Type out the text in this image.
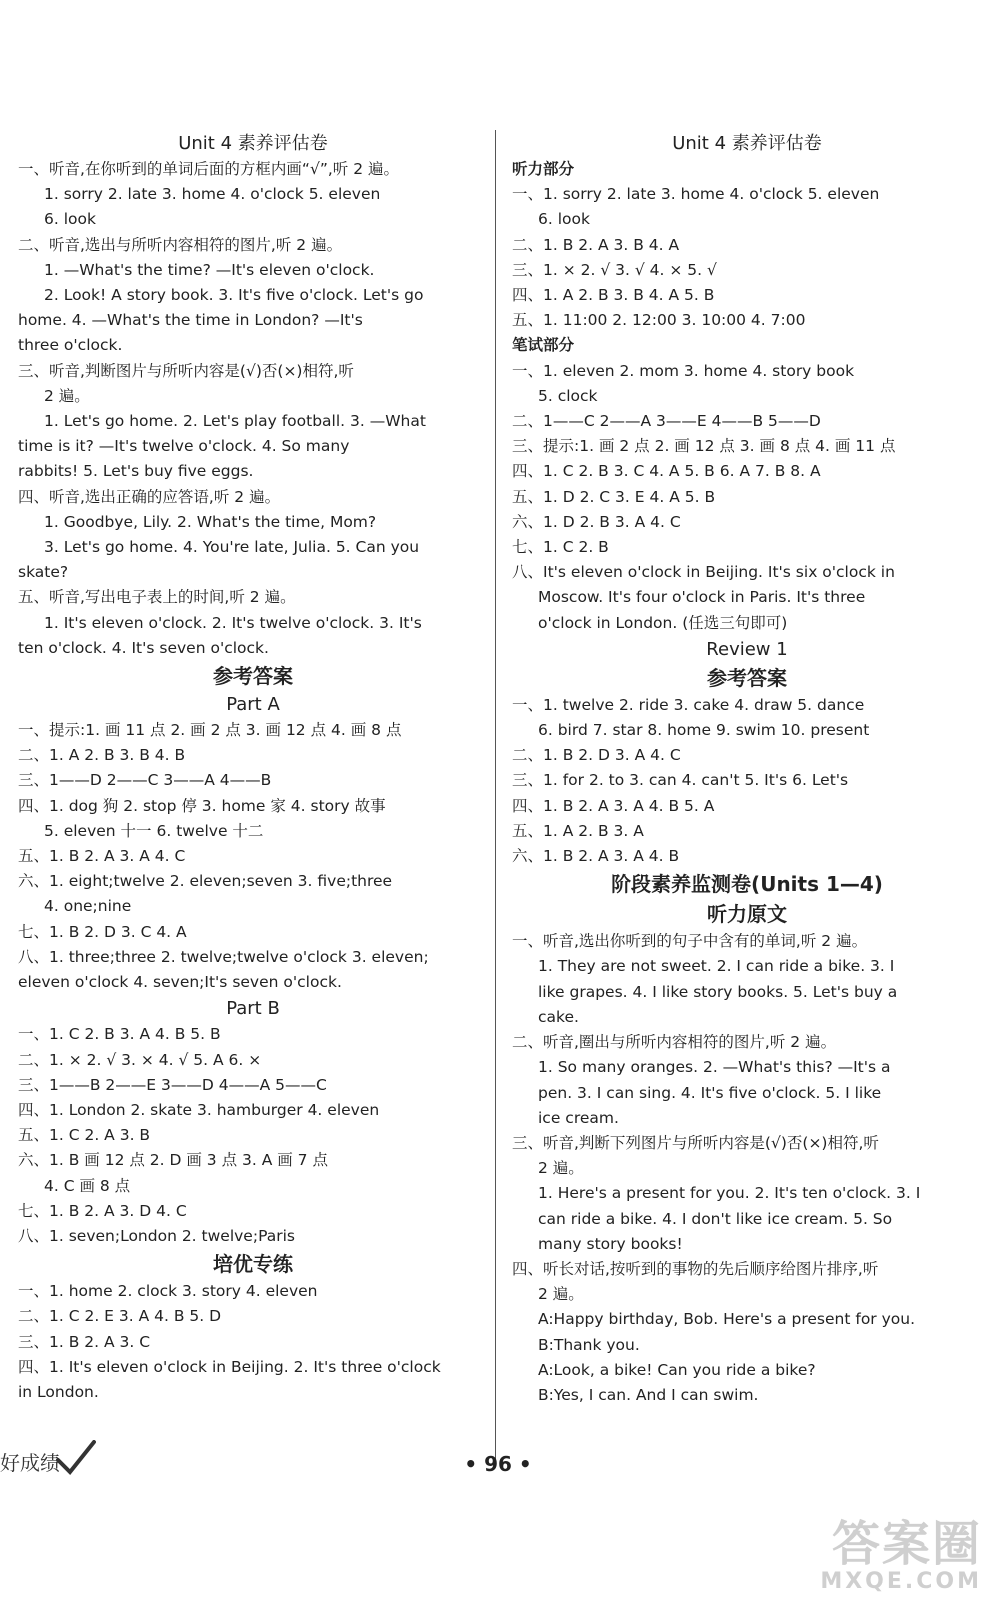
Unit 4 素养评估卷
一、听音,在你听到的单词后面的方框内画“√”,听 2 遍。
1. sorry 2. late 3. home 4. o'clock 5. eleven
6. look
二、听音,选出与所听内容相符的图片,听 2 遍。
1. —What's the time? —It's eleven o'clock.
2. Look! A story book. 3. It's five o'clock. Let's go
home. 4. —What's the time in London? —It's
three o'clock.
三、听音,判断图片与所听内容是(√)否(×)相符,听
2 遍。
1. Let's go home. 2. Let's play football. 3. —What
time is it? —It's twelve o'clock. 4. So many
rabbits! 5. Let's buy five eggs.
四、听音,选出正确的应答语,听 2 遍。
1. Goodbye, Lily. 2. What's the time, Mom?
3. Let's go home. 4. You're late, Julia. 5. Can you
skate?
五、听音,写出电子表上的时间,听 2 遍。
1. It's eleven o'clock. 2. It's twelve o'clock. 3. It's
ten o'clock. 4. It's seven o'clock.
参考答案
Part A
一、提示:1. 画 11 点 2. 画 2 点 3. 画 12 点 4. 画 8 点
二、1. A 2. B 3. B 4. B
三、1——D 2——C 3——A 4——B
四、1. dog 狗 2. stop 停 3. home 家 4. story 故事
5. eleven 十一 6. twelve 十二
五、1. B 2. A 3. A 4. C
六、1. eight;twelve 2. eleven;seven 3. five;three
4. one;nine
七、1. B 2. D 3. C 4. A
八、1. three;three 2. twelve;twelve o'clock 3. eleven;
eleven o'clock 4. seven;It's seven o'clock.
Part B
一、1. C 2. B 3. A 4. B 5. B
二、1. × 2. √ 3. × 4. √ 5. A 6. ×
三、1——B 2——E 3——D 4——A 5——C
四、1. London 2. skate 3. hamburger 4. eleven
五、1. C 2. A 3. B
六、1. B 画 12 点 2. D 画 3 点 3. A 画 7 点
4. C 画 8 点
七、1. B 2. A 3. D 4. C
八、1. seven;London 2. twelve;Paris
培优专练
一、1. home 2. clock 3. story 4. eleven
二、1. C 2. E 3. A 4. B 5. D
三、1. B 2. A 3. C
四、1. It's eleven o'clock in Beijing. 2. It's three o'clock
in London.
Unit 4 素养评估卷
听力部分
一、1. sorry 2. late 3. home 4. o'clock 5. eleven
6. look
二、1. B 2. A 3. B 4. A
三、1. × 2. √ 3. √ 4. × 5. √
四、1. A 2. B 3. B 4. A 5. B
五、1. 11:00 2. 12:00 3. 10:00 4. 7:00
笔试部分
一、1. eleven 2. mom 3. home 4. story book
5. clock
二、1——C 2——A 3——E 4——B 5——D
三、提示:1. 画 2 点 2. 画 12 点 3. 画 8 点 4. 画 11 点
四、1. C 2. B 3. C 4. A 5. B 6. A 7. B 8. A
五、1. D 2. C 3. E 4. A 5. B
六、1. D 2. B 3. A 4. C
七、1. C 2. B
八、It's eleven o'clock in Beijing. It's six o'clock in
Moscow. It's four o'clock in Paris. It's three
o'clock in London. (任选三句即可)
Review 1
参考答案
一、1. twelve 2. ride 3. cake 4. draw 5. dance
6. bird 7. star 8. home 9. swim 10. present
二、1. B 2. D 3. A 4. C
三、1. for 2. to 3. can 4. can't 5. It's 6. Let's
四、1. B 2. A 3. A 4. B 5. A
五、1. A 2. B 3. A
六、1. B 2. A 3. A 4. B
阶段素养监测卷(Units 1—4)
听力原文
一、听音,选出你听到的句子中含有的单词,听 2 遍。
1. They are not sweet. 2. I can ride a bike. 3. I
like grapes. 4. I like story books. 5. Let's buy a
cake.
二、听音,圈出与所听内容相符的图片,听 2 遍。
1. So many oranges. 2. —What's this? —It's a
pen. 3. I can sing. 4. It's five o'clock. 5. I like
ice cream.
三、听音,判断下列图片与所听内容是(√)否(×)相符,听
2 遍。
1. Here's a present for you. 2. It's ten o'clock. 3. I
can ride a bike. 4. I don't like ice cream. 5. So
many story books!
四、听长对话,按听到的事物的先后顺序给图片排序,听
2 遍。
A:Happy birthday, Bob. Here's a present for you.
B:Thank you.
A:Look, a bike! Can you ride a bike?
B:Yes, I can. And I can swim.
好成绩	• 96 •
答案圈
MXQE.COM
